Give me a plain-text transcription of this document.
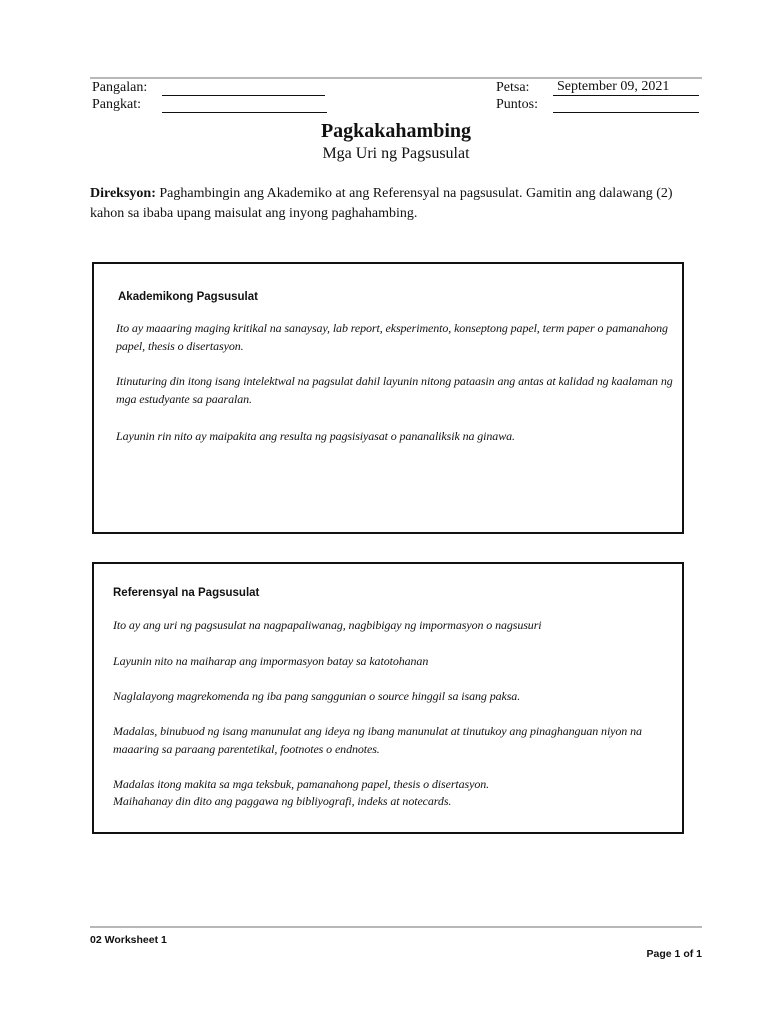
Pangalan:
Pangkat:
Petsa: September 09, 2021
Puntos:
Pagkakahambing
Mga Uri ng Pagsusulat
Direksyon: Paghambingin ang Akademiko at ang Referensyal na pagsusulat. Gamitin ang dalawang (2) kahon sa ibaba upang maisulat ang inyong paghahambing.
Akademikong Pagsusulat
Ito ay maaaring maging kritikal na sanaysay, lab report, eksperimento, konseptong papel, term paper o pamanahong papel, thesis o disertasyon.
Itinuturing din itong isang intelektwal na pagsulat dahil layunin nitong pataasin ang antas at kalidad ng kaalaman ng mga estudyante sa paaralan.
Layunin rin nito ay maipakita ang resulta ng pagsisiyasat o pananaliksik na ginawa.
Referensyal na Pagsusulat
Ito ay ang uri ng pagsusulat na nagpapaliwanag, nagbibigay ng impormasyon o nagsusuri
Layunin nito na maiharap ang impormasyon batay sa katotohanan
Naglalayong magrekomenda ng iba pang sanggunian o source hinggil sa isang paksa.
Madalas, binubuod ng isang manunulat ang ideya ng ibang manunulat at tinutukoy ang pinaghanguan niyon na maaaring sa paraang parentetikal, footnotes o endnotes.
Madalas itong makita sa mga teksbuk, pamanahong papel, thesis o disertasyon.
Maihahanay din dito ang paggawa ng bibliyografi, indeks at notecards.
02 Worksheet 1
Page 1 of 1
